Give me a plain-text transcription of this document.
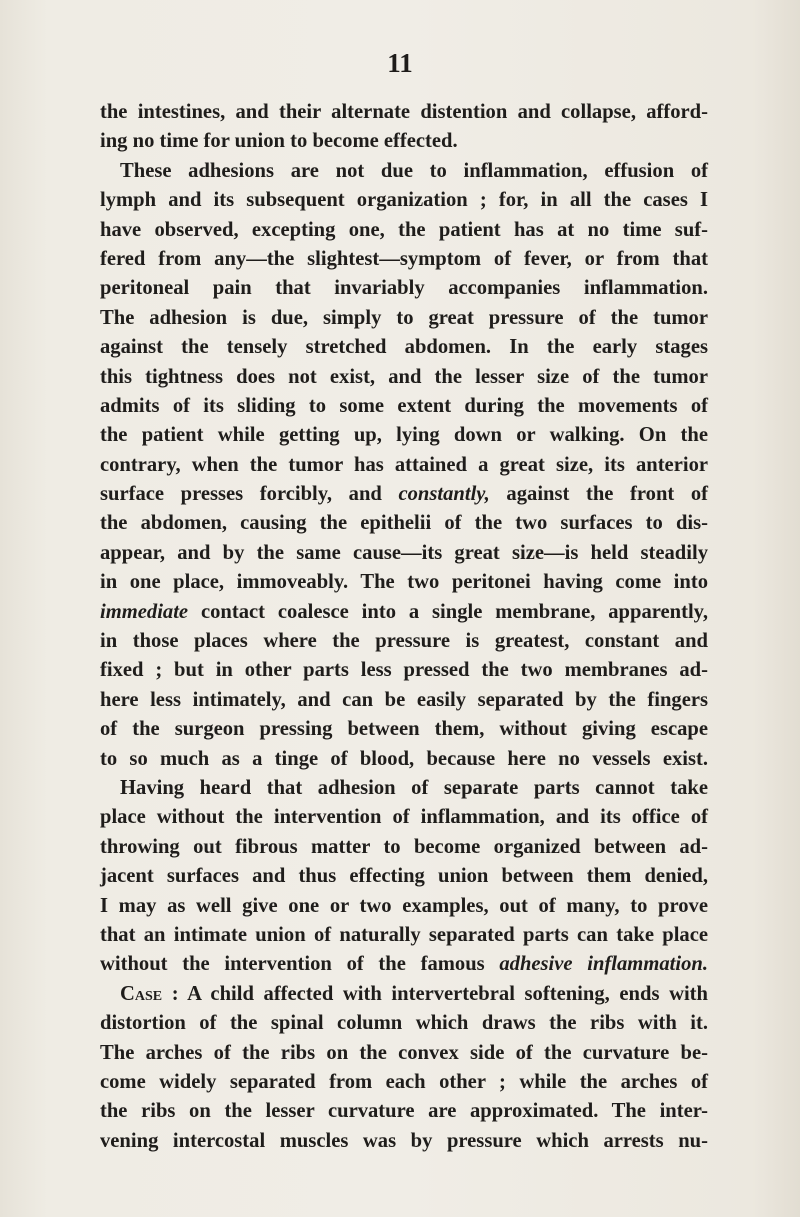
11

the intestines, and their alternate distention and collapse, afford-
ing no time for union to become effected.
These adhesions are not due to inflammation, effusion of
lymph and its subsequent organization ; for, in all the cases I
have observed, excepting one, the patient has at no time suf-
fered from any—the slightest—symptom of fever, or from that
peritoneal pain that invariably accompanies inflammation.
The adhesion is due, simply to great pressure of the tumor
against the tensely stretched abdomen. In the early stages
this tightness does not exist, and the lesser size of the tumor
admits of its sliding to some extent during the movements of
the patient while getting up, lying down or walking. On the
contrary, when the tumor has attained a great size, its anterior
surface presses forcibly, and constantly, against the front of
the abdomen, causing the epithelii of the two surfaces to dis-
appear, and by the same cause—its great size—is held steadily
in one place, immoveably. The two peritonei having come into
immediate contact coalesce into a single membrane, apparently,
in those places where the pressure is greatest, constant and
fixed ; but in other parts less pressed the two membranes ad-
here less intimately, and can be easily separated by the fingers
of the surgeon pressing between them, without giving escape
to so much as a tinge of blood, because here no vessels exist.
Having heard that adhesion of separate parts cannot take
place without the intervention of inflammation, and its office of
throwing out fibrous matter to become organized between ad-
jacent surfaces and thus effecting union between them denied,
I may as well give one or two examples, out of many, to prove
that an intimate union of naturally separated parts can take place
without the intervention of the famous adhesive inflammation.
Case : A child affected with intervertebral softening, ends with
distortion of the spinal column which draws the ribs with it.
The arches of the ribs on the convex side of the curvature be-
come widely separated from each other ; while the arches of
the ribs on the lesser curvature are approximated. The inter-
vening intercostal muscles was by pressure which arrests nu-
